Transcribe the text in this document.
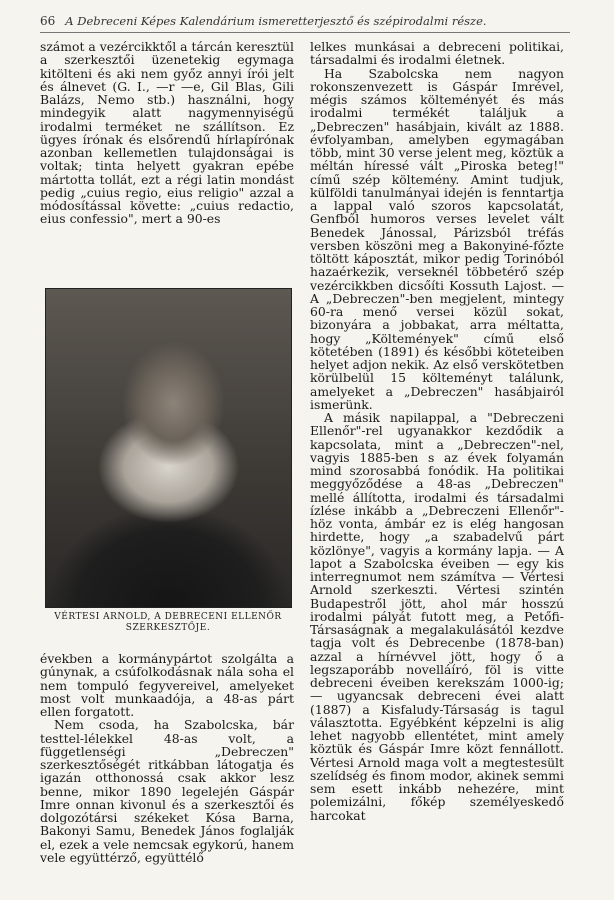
66 A Debreceni Képes Kalendárium ismeretterjesztő és szépirodalmi része.

számot a vezércikktől a tárcán keresztül a szerkesztői üzenetekig egymaga kitölteni és aki nem győz annyi írói jelt és álnevet (G. I., —r —e, Gil Blas, Gili Balázs, Nemo stb.) használni, hogy mindegyik alatt nagymennyiségű irodalmi terméket ne szállítson. Ez ügyes írónak és elsőrendű hírlapírónak azonban kellemetlen tulajdonságai is voltak; tinta helyett gyakran epébe mártotta tollát, ezt a régi latin mondást pedig „cuius regio, eius religio" azzal a módosítással követte: „cuius redactio, eius confessio", mert a 90-es

VÉRTESI ARNOLD, A DEBRECENI ELLENŐR SZERKESZTŐJE.

években a kormánypártot szolgálta a gúnynak, a csúfolkodásnak nála soha el nem tompuló fegyvereivel, amelyeket most volt munkaadója, a 48-as párt ellen forgatott.

Nem csoda, ha Szabolcska, bár testtel-lélekkel 48-as volt, a függetlenségi „Debreczen" szerkesztőségét ritkábban látogatja és igazán otthonossá csak akkor lesz benne, mikor 1890 legelején Gáspár Imre onnan kivonul és a szerkesztői és dolgozótársi székeket Kósa Barna, Bakonyi Samu, Benedek János foglalják el, ezek a vele nemcsak egykorú, hanem vele együttérző, együttélő

lelkes munkásai a debreceni politikai, társadalmi és irodalmi életnek.

Ha Szabolcska nem nagyon rokonszenvezett is Gáspár Imrével, mégis számos költeményét és más irodalmi termékét találjuk a „Debreczen" hasábjain, kivált az 1888. évfolyamban, amelyben egymagában több, mint 30 verse jelent meg, köztük a méltán híressé vált „Piroska beteg!" című szép költemény. Amint tudjuk, külföldi tanulmányai idején is fenntartja a lappal való szoros kapcsolatát, Genfből humoros verses levelet vált Benedek Jánossal, Párizsból tréfás versben köszöni meg a Bakonyiné-főzte töltött káposztát, mikor pedig Torinóból hazaérkezik, verseknél többetérő szép vezércikkben dicsőíti Kossuth Lajost. — A „Debreczen"-ben megjelent, mintegy 60-ra menő versei közül sokat, bizonyára a jobbakat, arra méltatta, hogy „Költemények" című első kötetében (1891) és későbbi köteteiben helyet adjon nekik. Az első verskötetben körülbelül 15 költeményt találunk, amelyeket a „Debreczen" hasábjairól ismerünk.

A másik napilappal, a "Debreczeni Ellenőr"-rel ugyanakkor kezdődik a kapcsolata, mint a „Debreczen"-nel, vagyis 1885-ben s az évek folyamán mind szorosabbá fonódik. Ha politikai meggyőződése a 48-as „Debreczen" mellé állította, irodalmi és társadalmi ízlése inkább a „Debreczeni Ellenőr"-höz vonta, ámbár ez is elég hangosan hirdette, hogy „a szabadelvű párt közlönye", vagyis a kormány lapja. — A lapot a Szabolcska éveiben — egy kis interregnumot nem számítva — Vértesi Arnold szerkeszti. Vértesi szintén Budapestről jött, ahol már hosszú irodalmi pályát futott meg, a Petőfi-Társaságnak a megalakulásától kezdve tagja volt és Debrecenbe (1878-ban) azzal a hírnévvel jött, hogy ő a legszaporább novelláíró, föl is vitte debreceni éveiben kerekszám 1000-ig; — ugyancsak debreceni évei alatt (1887) a Kisfaludy-Társaság is tagul választotta. Egyébként képzelni is alig lehet nagyobb ellentétet, mint amely köztük és Gáspár Imre közt fennállott. Vértesi Arnold maga volt a megtestesült szelídség és finom modor, akinek semmi sem esett inkább nehezére, mint polemizálni, főkép személyeskedő harcokat
